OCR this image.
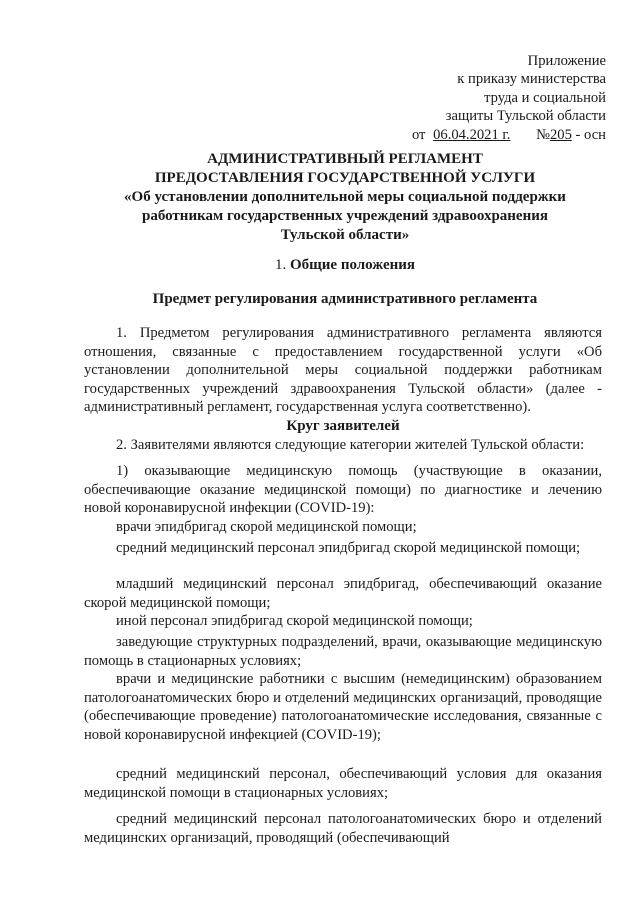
Приложение
к приказу министерства
труда и социальной
защиты Тульской области
от 06.04.2021 г. №205 - осн
АДМИНИСТРАТИВНЫЙ РЕГЛАМЕНТ
ПРЕДОСТАВЛЕНИЯ ГОСУДАРСТВЕННОЙ УСЛУГИ
«Об установлении дополнительной меры социальной поддержки
работникам государственных учреждений здравоохранения
Тульской области»
1. Общие положения
Предмет регулирования административного регламента
1. Предметом регулирования административного регламента являются отношения, связанные с предоставлением государственной услуги «Об установлении дополнительной меры социальной поддержки работникам государственных учреждений здравоохранения Тульской области» (далее - административный регламент, государственная услуга соответственно).
Круг заявителей
2. Заявителями являются следующие категории жителей Тульской области:
1) оказывающие медицинскую помощь (участвующие в оказании, обеспечивающие оказание медицинской помощи) по диагностике и лечению новой коронавирусной инфекции (COVID-19):
врачи эпидбригад скорой медицинской помощи;
средний медицинский персонал эпидбригад скорой медицинской помощи;
младший медицинский персонал эпидбригад, обеспечивающий оказание скорой медицинской помощи;
иной персонал эпидбригад скорой медицинской помощи;
заведующие структурных подразделений, врачи, оказывающие медицинскую помощь в стационарных условиях;
врачи и медицинские работники с высшим (немедицинским) образованием патологоанатомических бюро и отделений медицинских организаций, проводящие (обеспечивающие проведение) патологоанатомические исследования, связанные с новой коронавирусной инфекцией (COVID-19);
средний медицинский персонал, обеспечивающий условия для оказания медицинской помощи в стационарных условиях;
средний медицинский персонал патологоанатомических бюро и отделений медицинских организаций, проводящий (обеспечивающий
